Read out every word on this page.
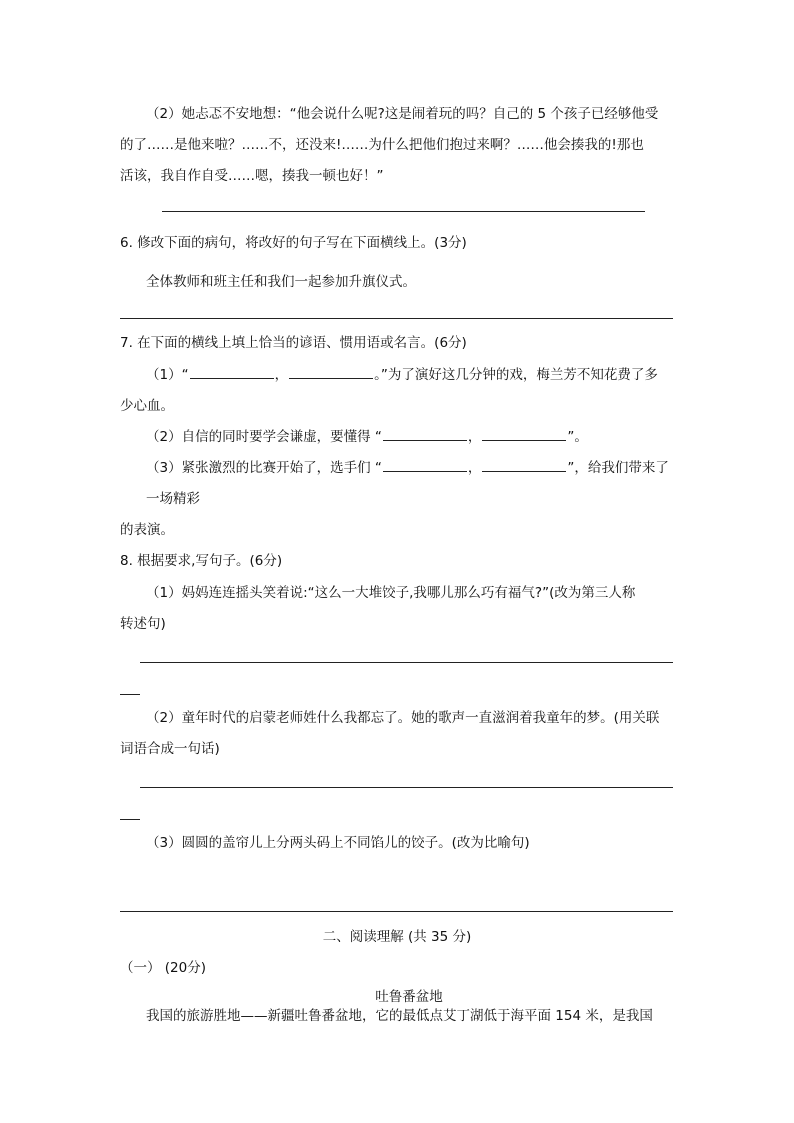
（2）她忐忑不安地想：“他会说什么呢?这是闹着玩的吗？自己的 5 个孩子已经够他受
的了……是他来啦？……不，还没来!……为什么把他们抱过来啊？……他会揍我的!那也
活该，我自作自受……嗯，揍我一顿也好！”
6. 修改下面的病句，将改好的句子写在下面横线上。(3分)
全体教师和班主任和我们一起参加升旗仪式。
7. 在下面的横线上填上恰当的谚语、惯用语或名言。(6分)
（1）“	，	。”为了演好这几分钟的戏，梅兰芳不知花费了多
少心血。
（2）自信的同时要学会谦虚，要懂得 “	，	”。
（3）紧张激烈的比赛开始了，选手们 “	，	”，给我们带来了
一场精彩
的表演。
8. 根据要求,写句子。(6分)
（1）妈妈连连摇头笑着说:“这么一大堆饺子,我哪儿那么巧有福气?”(改为第三人称
转述句)
（2）童年时代的启蒙老师姓什么我都忘了。她的歌声一直滋润着我童年的梦。(用关联
词语合成一句话)
（3）圆圆的盖帘儿上分两头码上不同馅儿的饺子。(改为比喻句)
二、阅读理解 (共 35 分)
（一） (20分)
吐鲁番盆地
我国的旅游胜地——新疆吐鲁番盆地，它的最低点艾丁湖低于海平面 154 米，是我国
